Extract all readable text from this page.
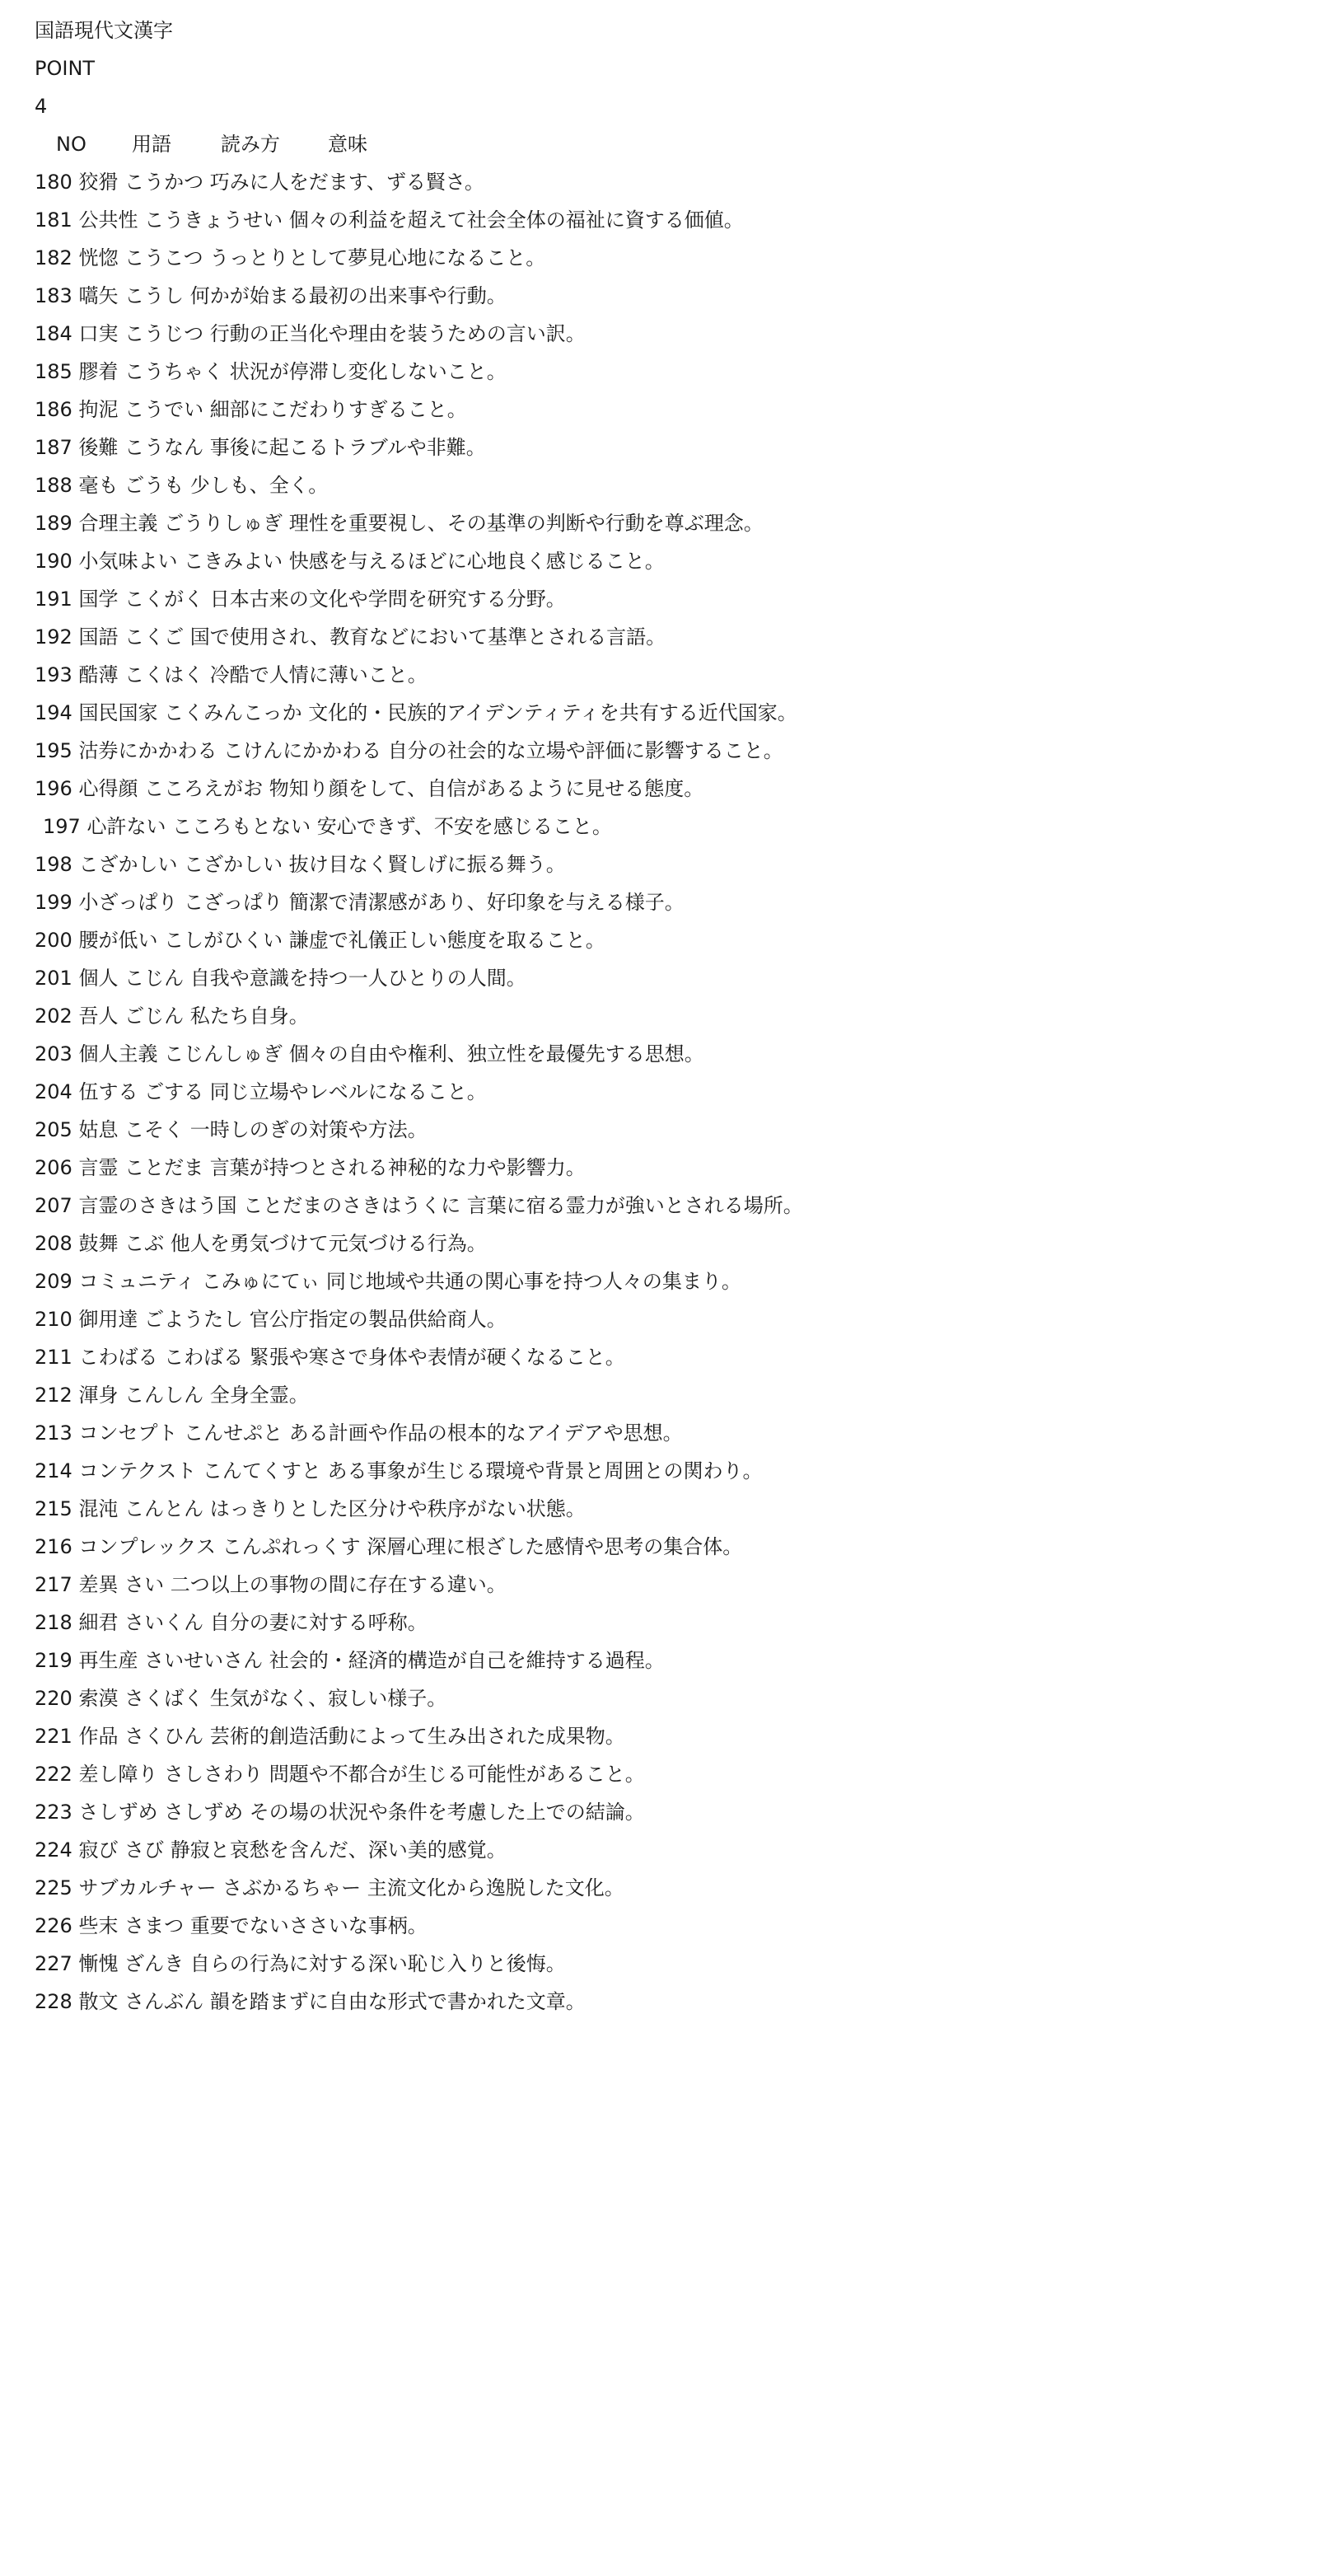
国語現代文漢字
POINT
4
NO 用語	読み方 意味
180 狡猾 こうかつ 巧みに人をだます、ずる賢さ。
181 公共性 こうきょうせい 個々の利益を超えて社会全体の福祉に資する価値。
182 恍惚 こうこつ うっとりとして夢見心地になること。
183 嚆矢 こうし 何かが始まる最初の出来事や行動。
184 口実 こうじつ 行動の正当化や理由を装うための言い訳。
185 膠着 こうちゃく 状況が停滞し変化しないこと。
186 拘泥 こうでい 細部にこだわりすぎること。
187 後難 こうなん 事後に起こるトラブルや非難。
188 毫も ごうも 少しも、全く。
189 合理主義 ごうりしゅぎ 理性を重要視し、その基準の判断や行動を尊ぶ理念。
190 小気味よい こきみよい 快感を与えるほどに心地良く感じること。
191 国学 こくがく 日本古来の文化や学問を研究する分野。
192 国語 こくご 国で使用され、教育などにおいて基準とされる言語。
193 酷薄 こくはく 冷酷で人情に薄いこと。
194 国民国家 こくみんこっか 文化的・民族的アイデンティティを共有する近代国家。
195 沽券にかかわる こけんにかかわる 自分の社会的な立場や評価に影響すること。
196 心得顔 こころえがお 物知り顔をして、自信があるように見せる態度。
197 心許ない こころもとない 安心できず、不安を感じること。
198 こざかしい こざかしい 抜け目なく賢しげに振る舞う。
199 小ざっぱり こざっぱり 簡潔で清潔感があり、好印象を与える様子。
200 腰が低い こしがひくい 謙虚で礼儀正しい態度を取ること。
201 個人 こじん 自我や意識を持つ一人ひとりの人間。
202 吾人 ごじん 私たち自身。
203 個人主義 こじんしゅぎ 個々の自由や権利、独立性を最優先する思想。
204 伍する ごする 同じ立場やレベルになること。
205 姑息 こそく 一時しのぎの対策や方法。
206 言霊 ことだま 言葉が持つとされる神秘的な力や影響力。
207 言霊のさきはう国 ことだまのさきはうくに 言葉に宿る霊力が強いとされる場所。
208 鼓舞 こぶ 他人を勇気づけて元気づける行為。
209 コミュニティ こみゅにてぃ 同じ地域や共通の関心事を持つ人々の集まり。
210 御用達 ごようたし 官公庁指定の製品供給商人。
211 こわばる こわばる 緊張や寒さで身体や表情が硬くなること。
212 渾身 こんしん 全身全霊。
213 コンセプト こんせぷと ある計画や作品の根本的なアイデアや思想。
214 コンテクスト こんてくすと ある事象が生じる環境や背景と周囲との関わり。
215 混沌 こんとん はっきりとした区分けや秩序がない状態。
216 コンプレックス こんぷれっくす 深層心理に根ざした感情や思考の集合体。
217 差異 さい 二つ以上の事物の間に存在する違い。
218 細君 さいくん 自分の妻に対する呼称。
219 再生産 さいせいさん 社会的・経済的構造が自己を維持する過程。
220 索漠 さくばく 生気がなく、寂しい様子。
221 作品 さくひん 芸術的創造活動によって生み出された成果物。
222 差し障り さしさわり 問題や不都合が生じる可能性があること。
223 さしずめ さしずめ その場の状況や条件を考慮した上での結論。
224 寂び さび 静寂と哀愁を含んだ、深い美的感覚。
225 サブカルチャー さぶかるちゃー 主流文化から逸脱した文化。
226 些末 さまつ 重要でないささいな事柄。
227 慚愧 ざんき 自らの行為に対する深い恥じ入りと後悔。
228 散文 さんぶん 韻を踏まずに自由な形式で書かれた文章。
